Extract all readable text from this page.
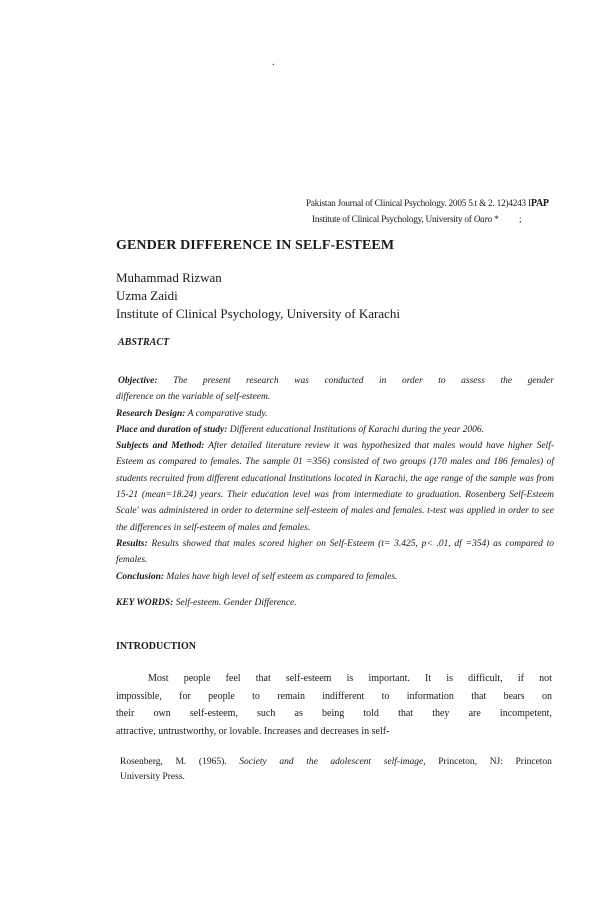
.
Pakistan Journal of Clinical Psychology. 2005 5.t & 2. 12)4243 IPAP
Institute of Clinical Psychology, University of Oaro * ;
GENDER DIFFERENCE IN SELF-ESTEEM
Muhammad Rizwan
Uzma Zaidi
Institute of Clinical Psychology, University of Karachi
ABSTRACT
Objective: The present research was conducted in order to assess the gender

difference on the variable of self-esteem.

Research Design: A comparative study.

Place and duration of study: Different educational Institutions of Karachi during the year 2006.

Subjects and Method: After detailed literature review it was hypothesized that males would have higher Self-Esteem as compared to females. The sample 01 =356) consisted of two groups (170 males and 186 females) of students recruited from different educational Institutions located in Karachi, the age range of the sample was from 15-21 (mean=18.24) years. Their education level was from intermediate to graduation. Rosenberg Self-Esteem Scale' was administered in order to determine self-esteem of males and females. t-test was applied in order to see the differences in self-esteem of males and females.

Results: Results showed that males scored higher on Self-Esteem (t= 3.425, p< .01, df =354) as compared to females.

Conclusion: Males have high level of self esteem as compared to females.

KEY WORDS: Self-esteem. Gender Difference.
INTRODUCTION
Most people feel that self-esteem is important. It is difficult, if not
impossible, for people to remain indifferent to information that bears on
their own self-esteem, such as being told that they are incompetent,

attractive, untrustworthy, or lovable. Increases and decreases in self-

Rosenberg, M. (1965). Society and the adolescent self-image, Princeton, NJ: Princeton
University Press.
